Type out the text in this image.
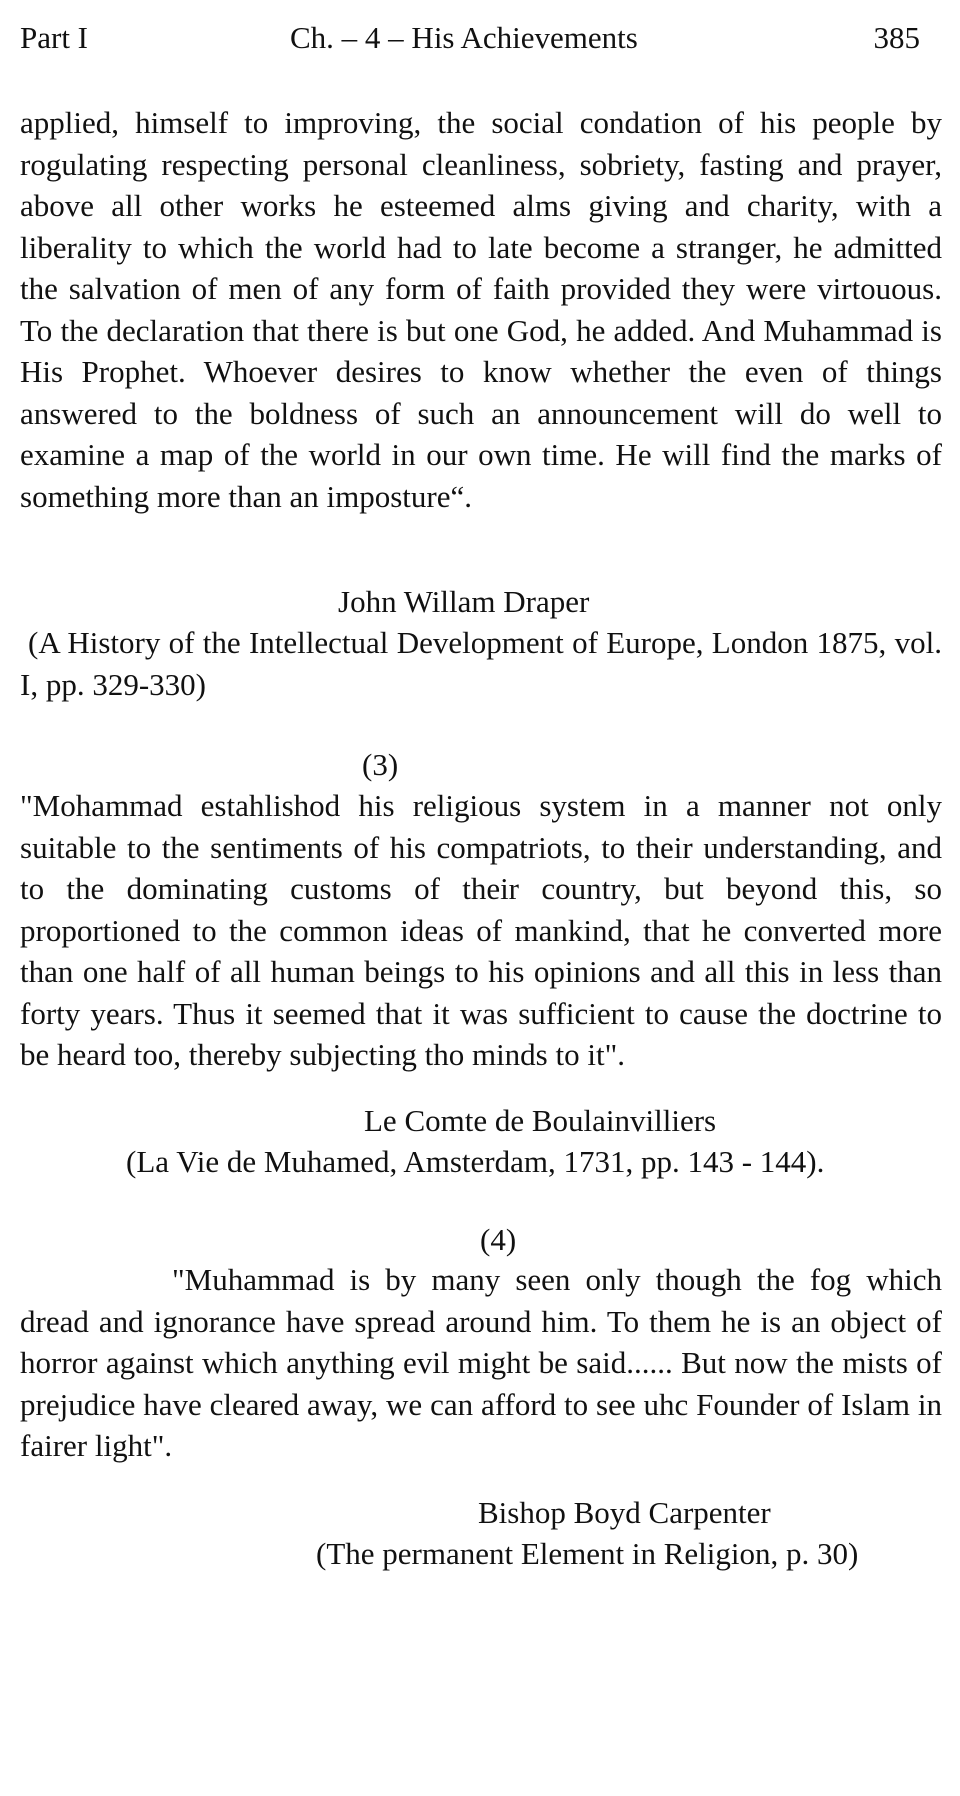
Part I	Ch. – 4 – His Achievements	385

applied, himself to improving, the social condation of his people by rogulating respecting personal cleanliness, sobriety, fasting and prayer, above all other works he esteemed alms giving and charity, with a liberality to which the world had to late become a stranger, he admitted the salvation of men of any form of faith provided they were virtouous. To the declaration that there is but one God, he added. And Muhammad is His Prophet. Whoever desires to know whether the even of things answered to the boldness of such an announcement will do well to examine a map of the world in our own time. He will find the marks of something more than an imposture“.

John Willam Draper

(A History of the Intellectual Development of Europe, London 1875, vol. I, pp. 329-330)

(3)

"Mohammad estahlishod his religious system in a manner not only suitable to the sentiments of his compatriots, to their understanding, and to the dominating customs of their country, but beyond this, so proportioned to the common ideas of mankind, that he converted more than one half of all human beings to his opinions and all this in less than forty years. Thus it seemed that it was sufficient to cause the doctrine to be heard too, thereby subjecting tho minds to it".

Le Comte de Boulainvilliers

(La Vie de Muhamed, Amsterdam, 1731, pp. 143 - 144).

(4)

"Muhammad is by many seen only though the fog which dread and ignorance have spread around him. To them he is an object of horror against which anything evil might be said...... But now the mists of prejudice have cleared away, we can afford to see uhc Founder of Islam in fairer light".

Bishop Boyd Carpenter

(The permanent Element in Religion, p. 30)
